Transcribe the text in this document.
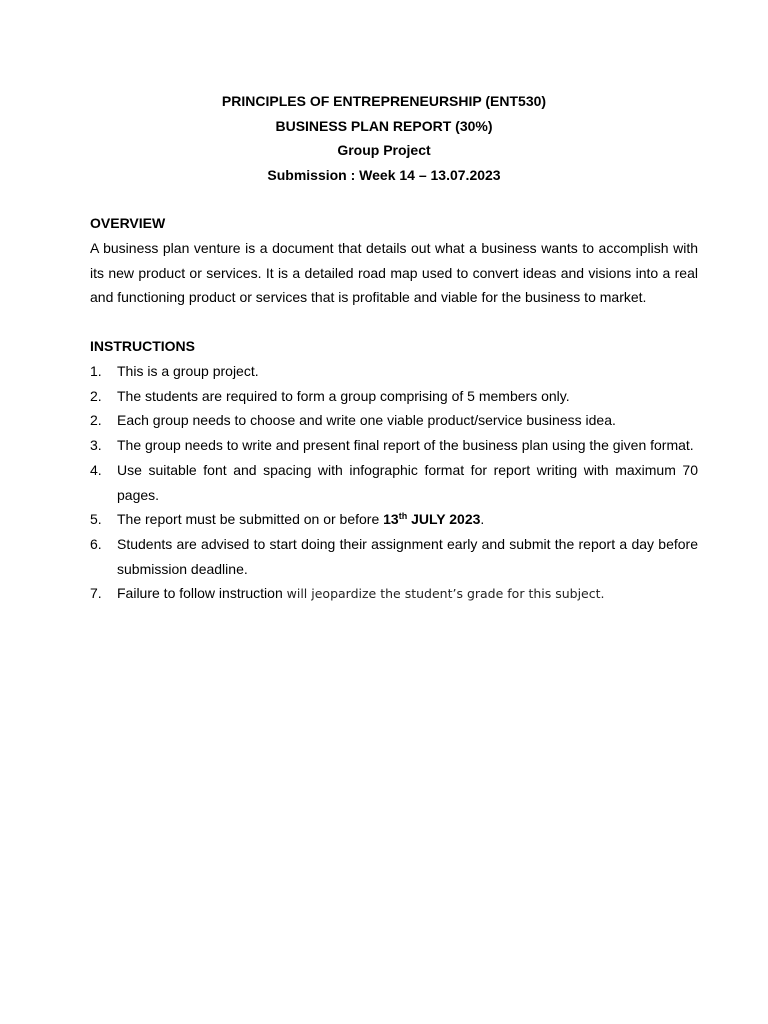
PRINCIPLES OF ENTREPRENEURSHIP (ENT530)
BUSINESS PLAN REPORT (30%)
Group Project
Submission : Week 14 – 13.07.2023
OVERVIEW

A business plan venture is a document that details out what a business wants to accomplish with its new product or services. It is a detailed road map used to convert ideas and visions into a real and functioning product or services that is profitable and viable for the business to market.

INSTRUCTIONS
1. This is a group project.
2. The students are required to form a group comprising of 5 members only.
2. Each group needs to choose and write one viable product/service business idea.
3. The group needs to write and present final report of the business plan using the given format.
4. Use suitable font and spacing with infographic format for report writing with maximum 70 pages.
5. The report must be submitted on or before 13th JULY 2023.
6. Students are advised to start doing their assignment early and submit the report a day before submission deadline.
7. Failure to follow instruction will jeopardize the student’s grade for this subject.
